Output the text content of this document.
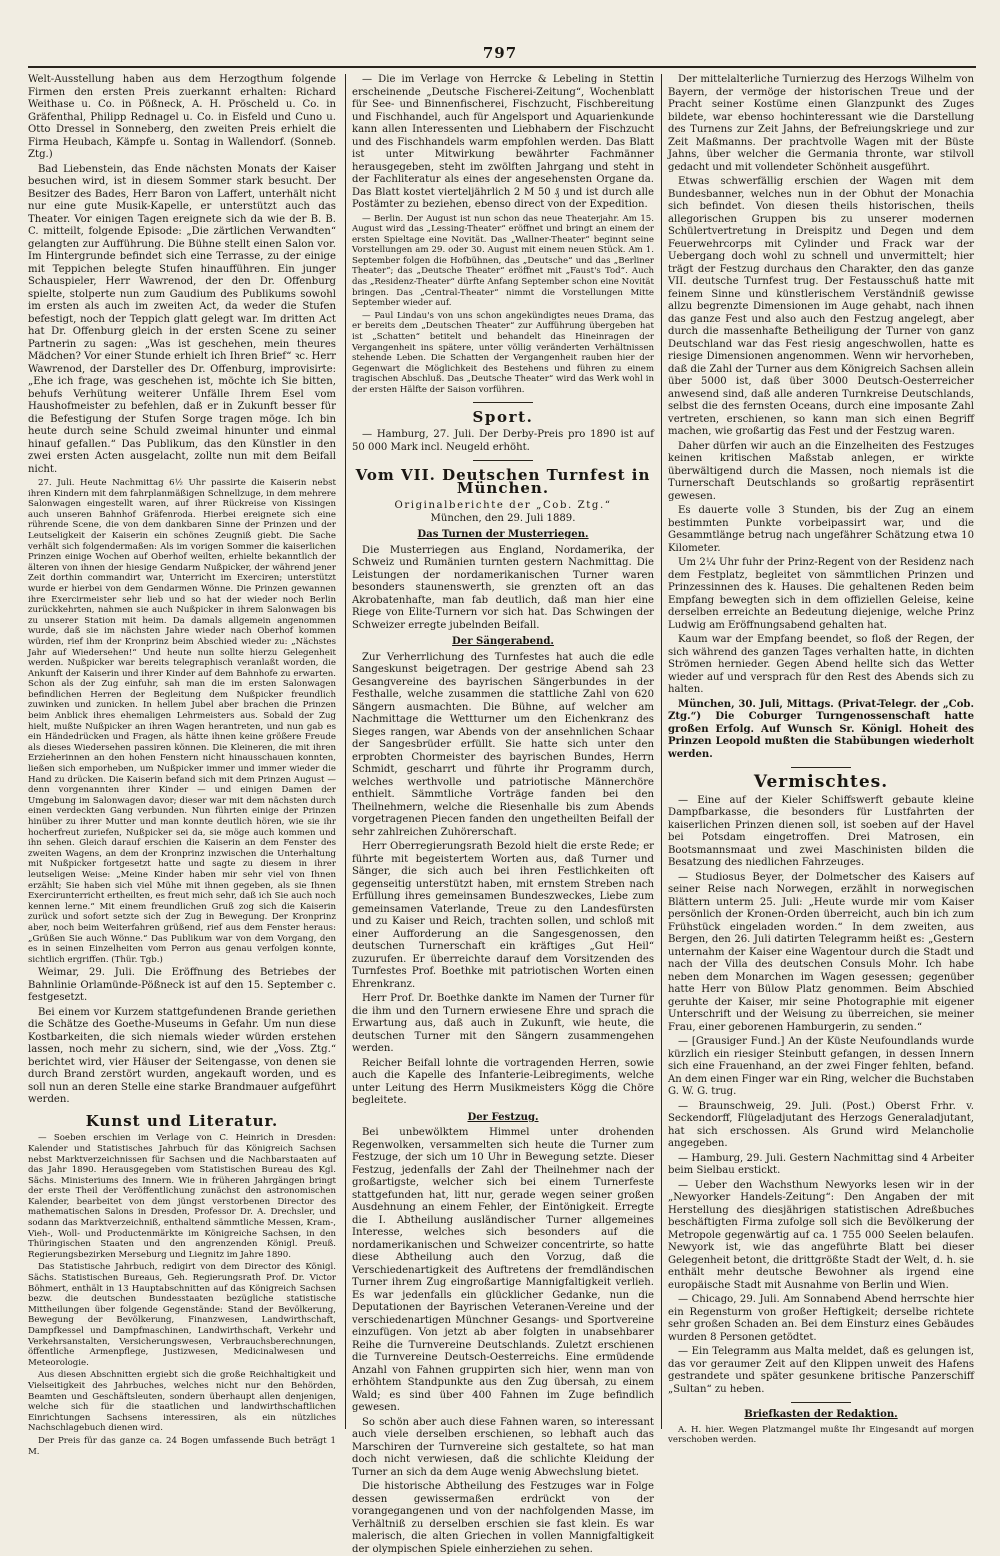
797

Welt-Ausstellung haben aus dem Herzogthum folgende Firmen den ersten Preis zuerkannt erhalten: Richard Weithase u. Co. in Pößneck, A. H. Pröscheld u. Co. in Gräfenthal, Philipp Rednagel u. Co. in Eisfeld und Cuno u. Otto Dressel in Sonneberg, den zweiten Preis erhielt die Firma Heubach, Kämpfe u. Sontag in Wallendorf. (Sonneb. Ztg.)

Bad Liebenstein, das Ende nächsten Monats der Kaiser besuchen wird, ist in diesem Sommer stark besucht. Der Besitzer des Bades, Herr Baron von Laffert, unterhält nicht nur eine gute Musik-Kapelle, er unterstützt auch das Theater. Vor einigen Tagen ereignete sich da wie der B. B. C. mitteilt, folgende Episode: „Die zärtlichen Verwandten“ gelangten zur Aufführung. Die Bühne stellt einen Salon vor. Im Hintergrunde befindet sich eine Terrasse, zu der einige mit Teppichen belegte Stufen hinaufführen. Ein junger Schauspieler, Herr Wawrenod, der den Dr. Offenburg spielte, stolperte nun zum Gaudium des Publikums sowohl im ersten als auch im zweiten Act, da weder die Stufen befestigt, noch der Teppich glatt gelegt war. Im dritten Act hat Dr. Offenburg gleich in der ersten Scene zu seiner Partnerin zu sagen: „Was ist geschehen, mein theures Mädchen? Vor einer Stunde erhielt ich Ihren Brief“ ꝛc. Herr Wawrenod, der Darsteller des Dr. Offenburg, improvisirte: „Ehe ich frage, was geschehen ist, möchte ich Sie bitten, behufs Verhütung weiterer Unfälle Ihrem Esel vom Haushofmeister zu befehlen, daß er in Zukunft besser für die Befestigung der Stufen Sorge tragen möge. Ich bin heute durch seine Schuld zweimal hinunter und einmal hinauf gefallen.“ Das Publikum, das den Künstler in den zwei ersten Acten ausgelacht, zollte nun mit dem Beifall nicht.

27. Juli. Heute Nachmittag 6½ Uhr passirte die Kaiserin nebst ihren Kindern mit dem fahrplanmäßigen Schnellzuge, in dem mehrere Salonwagen eingestellt waren, auf ihrer Rückreise von Kissingen auch unseren Bahnhof Gräfenroda. Hierbei ereignete sich eine rührende Scene, die von dem dankbaren Sinne der Prinzen und der Leutseligkeit der Kaiserin ein schönes Zeugniß giebt. Die Sache verhält sich folgendermaßen: Als im vorigen Sommer die kaiserlichen Prinzen einige Wochen auf Oberhof weilten, erhielte bekanntlich der älteren von ihnen der hiesige Gendarm Nußpicker, der während jener Zeit dorthin commandirt war, Unterricht im Exerciren; unterstützt wurde er hierbei von dem Gendarmen Wönne. Die Prinzen gewannen ihre Exercirmeister sehr lieb und so hat der wieder noch Berlin zurückkehrten, nahmen sie auch Nußpicker in ihrem Salonwagen bis zu unserer Station mit heim. Da damals allgemein angenommen wurde, daß sie im nächsten Jahre wieder nach Oberhof kommen würden, rief ihm der Kronprinz beim Abschied wieder zu: „Nächstes Jahr auf Wiedersehen!“ Und heute nun sollte hierzu Gelegenheit werden. Nußpicker war bereits telegraphisch veranlaßt worden, die Ankunft der Kaiserin und ihrer Kinder auf dem Bahnhofe zu erwarten. Schon als der Zug einfuhr, sah man die im ersten Salonwagen befindlichen Herren der Begleitung dem Nußpicker freundlich zuwinken und zunicken. In hellem Jubel aber brachen die Prinzen beim Anblick ihres ehemaligen Lehrmeisters aus. Sobald der Zug hielt, mußte Nußpicker an ihren Wagen herantreten, und nun gab es ein Händedrücken und Fragen, als hätte ihnen keine größere Freude als dieses Wiedersehen passiren können. Die Kleineren, die mit ihren Erzieherinnen an den hohen Fenstern nicht hinausschauen konnten, ließen sich emporheben, um Nußpicker immer und immer wieder die Hand zu drücken. Die Kaiserin befand sich mit dem Prinzen August — denn vorgenannten ihrer Kinder — und einigen Damen der Umgebung im Salonwagen davor; dieser war mit dem nächsten durch einen verdeckten Gang verbunden. Nun führten einige der Prinzen hinüber zu ihrer Mutter und man konnte deutlich hören, wie sie ihr hocherfreut zuriefen, Nußpicker sei da, sie möge auch kommen und ihn sehen. Gleich darauf erschien die Kaiserin an dem Fenster des zweiten Wagens, an dem der Kronprinz inzwischen die Unterhaltung mit Nußpicker fortgesetzt hatte und sagte zu diesem in ihrer leutseligen Weise: „Meine Kinder haben mir sehr viel von Ihnen erzählt; Sie haben sich viel Mühe mit ihnen gegeben, als sie Ihnen Exercirunterricht ertheilten, es freut mich sehr, daß ich Sie auch noch kennen lerne.“ Mit einem freundlichen Gruß zog sich die Kaiserin zurück und sofort setzte sich der Zug in Bewegung. Der Kronprinz aber, noch beim Weiterfahren grüßend, rief aus dem Fenster heraus: „Grüßen Sie auch Wönne.“ Das Publikum war von dem Vorgang, den es in seinen Einzelheiten vom Perron aus genau verfolgen konnte, sichtlich ergriffen. (Thür. Tgb.)

Weimar, 29. Juli. Die Eröffnung des Betriebes der Bahnlinie Orlamünde-Pößneck ist auf den 15. September c. festgesetzt.

Bei einem vor Kurzem stattgefundenen Brande geriethen die Schätze des Goethe-Museums in Gefahr. Um nun diese Kostbarkeiten, die sich niemals wieder würden erstehen lassen, noch mehr zu sichern, sind, wie der „Voss. Ztg.“ berichtet wird, vier Häuser der Seitengasse, von denen sie durch Brand zerstört wurden, angekauft worden, und es soll nun an deren Stelle eine starke Brandmauer aufgeführt werden.

Kunst und Literatur.

— Soeben erschien im Verlage von C. Heinrich in Dresden: Kalender und Statistisches Jahrbuch für das Königreich Sachsen nebst Marktverzeichnissen für Sachsen und die Nachbarstaaten auf das Jahr 1890. Herausgegeben vom Statistischen Bureau des Kgl. Sächs. Ministeriums des Innern. Wie in früheren Jahrgängen bringt der erste Theil der Veröffentlichung zunächst den astronomischen Kalender, bearbeitet von dem jüngst verstorbenen Director des mathematischen Salons in Dresden, Professor Dr. A. Drechsler, und sodann das Marktverzeichniß, enthaltend sämmtliche Messen, Kram-, Vieh-, Woll- und Productenmärkte im Königreiche Sachsen, in den Thüringischen Staaten und den angrenzenden Königl. Preuß. Regierungsbezirken Merseburg und Liegnitz im Jahre 1890.

Das Statistische Jahrbuch, redigirt von dem Director des Königl. Sächs. Statistischen Bureaus, Geh. Regierungsrath Prof. Dr. Victor Böhmert, enthält in 13 Hauptabschnitten auf das Königreich Sachsen bezw. die deutschen Bundesstaaten bezügliche statistische Mittheilungen über folgende Gegenstände: Stand der Bevölkerung, Bewegung der Bevölkerung, Finanzwesen, Landwirthschaft, Dampfkessel und Dampfmaschinen, Landwirthschaft, Verkehr und Verkehrsanstalten, Versicherungswesen, Verbrauchsberechnungen, öffentliche Armenpflege, Justizwesen, Medicinalwesen und Meteorologie.

Aus diesen Abschnitten ergiebt sich die große Reichhaltigkeit und Vielseitigkeit des Jahrbuches, welches nicht nur den Behörden, Beamten und Geschäftsleuten, sondern überhaupt allen denjenigen, welche sich für die staatlichen und landwirthschaftlichen Einrichtungen Sachsens interessiren, als ein nützliches Nachschlagebuch dienen wird.

Der Preis für das ganze ca. 24 Bogen umfassende Buch beträgt 1 M.

— Die im Verlage von Herrcke & Lebeling in Stettin erscheinende „Deutsche Fischerei-Zeitung“, Wochenblatt für See- und Binnenfischerei, Fischzucht, Fischbereitung und Fischhandel, auch für Angelsport und Aquarienkunde kann allen Interessenten und Liebhabern der Fischzucht und des Fischhandels warm empfohlen werden. Das Blatt ist unter Mitwirkung bewährter Fachmänner herausgegeben, steht im zwölften Jahrgang und steht in der Fachliteratur als eines der angesehensten Organe da. Das Blatt kostet vierteljährlich 2 M 50 ₰ und ist durch alle Postämter zu beziehen, ebenso direct von der Expedition.

— Berlin. Der August ist nun schon das neue Theaterjahr. Am 15. August wird das „Lessing-Theater“ eröffnet und bringt an einem der ersten Spieltage eine Novität. Das „Wallner-Theater“ beginnt seine Vorstellungen am 29. oder 30. August mit einem neuen Stück. Am 1. September folgen die Hofbühnen, das „Deutsche“ und das „Berliner Theater“; das „Deutsche Theater“ eröffnet mit „Faust's Tod“. Auch das „Residenz-Theater“ dürfte Anfang September schon eine Novität bringen. Das „Central-Theater“ nimmt die Vorstellungen Mitte September wieder auf.

— Paul Lindau's von uns schon angekündigtes neues Drama, das er bereits dem „Deutschen Theater“ zur Aufführung übergeben hat ist „Schatten“ betitelt und behandelt das Hineinragen der Vergangenheit ins spätere, unter völlig veränderten Verhältnissen stehende Leben. Die Schatten der Vergangenheit rauben hier der Gegenwart die Möglichkeit des Bestehens und führen zu einem tragischen Abschluß. Das „Deutsche Theater“ wird das Werk wohl in der ersten Hälfte der Saison vorführen.

Sport.

— Hamburg, 27. Juli. Der Derby-Preis pro 1890 ist auf 50 000 Mark incl. Neugeld erhöht.

Vom VII. Deutschen Turnfest in München.
Originalberichte der „Cob. Ztg.“
München, den 29. Juli 1889.
Das Turnen der Musterriegen.

Die Musterriegen aus England, Nordamerika, der Schweiz und Rumänien turnten gestern Nachmittag. Die Leistungen der nordamerikanischen Turner waren besonders staunenswerth, sie grenzten oft an das Akrobatenhafte, man fab deutlich, daß man hier eine Riege von Elite-Turnern vor sich hat. Das Schwingen der Schweizer erregte jubelnden Beifall.

Der Sängerabend.

Zur Verherrlichung des Turnfestes hat auch die edle Sangeskunst beigetragen. Der gestrige Abend sah 23 Gesangvereine des bayrischen Sängerbundes in der Festhalle, welche zusammen die stattliche Zahl von 620 Sängern ausmachten. Die Bühne, auf welcher am Nachmittage die Wettturner um den Eichenkranz des Sieges rangen, war Abends von der ansehnlichen Schaar der Sangesbrüder erfüllt. Sie hatte sich unter den erprobten Chormeister des bayrischen Bundes, Herrn Schmidt, gescharrt und führte ihr Programm durch, welches werthvolle und patriotische Männerchöre enthielt. Sämmtliche Vorträge fanden bei den Theilnehmern, welche die Riesenhalle bis zum Abends vorgetragenen Piecen fanden den ungetheilten Beifall der sehr zahlreichen Zuhörerschaft.

Herr Oberregierungsrath Bezold hielt die erste Rede; er führte mit begeistertem Worten aus, daß Turner und Sänger, die sich auch bei ihren Festlichkeiten oft gegenseitig unterstützt haben, mit ernstem Streben nach Erfüllung ihres gemeinsamen Bundeszweckes, Liebe zum gemeinsamen Vaterlande, Treue zu den Landesfürsten und zu Kaiser und Reich, trachten sollen, und schloß mit einer Aufforderung an die Sangesgenossen, den deutschen Turnerschaft ein kräftiges „Gut Heil“ zuzurufen. Er überreichte darauf dem Vorsitzenden des Turnfestes Prof. Boethke mit patriotischen Worten einen Ehrenkranz.

Herr Prof. Dr. Boethke dankte im Namen der Turner für die ihm und den Turnern erwiesene Ehre und sprach die Erwartung aus, daß auch in Zukunft, wie heute, die deutschen Turner mit den Sängern zusammengehen werden.

Reicher Beifall lohnte die vortragenden Herren, sowie auch die Kapelle des Infanterie-Leibregiments, welche unter Leitung des Herrn Musikmeisters Kögg die Chöre begleitete.

Der Festzug.

Bei unbewölktem Himmel unter drohenden Regenwolken, versammelten sich heute die Turner zum Festzuge, der sich um 10 Uhr in Bewegung setzte. Dieser Festzug, jedenfalls der Zahl der Theilnehmer nach der großartigste, welcher sich bei einem Turnerfeste stattgefunden hat, litt nur, gerade wegen seiner großen Ausdehnung an einem Fehler, der Eintönigkeit. Erregte die I. Abtheilung ausländischer Turner allgemeines Interesse, welches sich besonders auf die nordamerikanischen und Schweizer concentrirte, so hatte diese Abtheilung auch den Vorzug, daß die Verschiedenartigkeit des Auftretens der fremdländischen Turner ihrem Zug eingroßartige Mannigfaltigkeit verlieh. Es war jedenfalls ein glücklicher Gedanke, nun die Deputationen der Bayrischen Veteranen-Vereine und der verschiedenartigen Münchner Gesangs- und Sportvereine einzufügen. Von jetzt ab aber folgten in unabsehbarer Reihe die Turnvereine Deutschlands. Zuletzt erschienen die Turnvereine Deutsch-Oesterreichs. Eine ermüdende Anzahl von Fahnen gruppirten sich hier, wenn man von erhöhtem Standpunkte aus den Zug übersah, zu einem Wald; es sind über 400 Fahnen im Zuge befindlich gewesen.

So schön aber auch diese Fahnen waren, so interessant auch viele derselben erschienen, so lebhaft auch das Marschiren der Turnvereine sich gestaltete, so hat man doch nicht verwiesen, daß die schlichte Kleidung der Turner an sich da dem Auge wenig Abwechslung bietet.

Die historische Abtheilung des Festzuges war in Folge dessen gewissermaßen erdrückt von der vorangegangenen und von der nachfolgenden Masse, im Verhältniß zu derselben erschien sie fast klein. Es war malerisch, die alten Griechen in vollen Mannigfaltigkeit der olympischen Spiele einherziehen zu sehen.

Der mittelalterliche Turnierzug des Herzogs Wilhelm von Bayern, der vermöge der historischen Treue und der Pracht seiner Kostüme einen Glanzpunkt des Zuges bildete, war ebenso hochinteressant wie die Darstellung des Turnens zur Zeit Jahns, der Befreiungskriege und zur Zeit Maßmanns. Der prachtvolle Wagen mit der Büste Jahns, über welcher die Germania thronte, war stilvoll gedacht und mit vollendeter Schönheit ausgeführt.

Etwas schwerfällig erschien der Wagen mit dem Bundesbanner, welches nun in der Obhut der Monachia sich befindet. Von diesen theils historischen, theils allegorischen Gruppen bis zu unserer modernen Schülertvertretung in Dreispitz und Degen und dem Feuerwehrcorps mit Cylinder und Frack war der Uebergang doch wohl zu schnell und unvermittelt; hier trägt der Festzug durchaus den Charakter, den das ganze VII. deutsche Turnfest trug. Der Festausschuß hatte mit feinem Sinne und künstlerischem Verständniß gewisse allzu begrenzte Dimensionen im Auge gehabt, nach ihnen das ganze Fest und also auch den Festzug angelegt, aber durch die massenhafte Betheiligung der Turner von ganz Deutschland war das Fest riesig angeschwollen, hatte es riesige Dimensionen angenommen. Wenn wir hervorheben, daß die Zahl der Turner aus dem Königreich Sachsen allein über 5000 ist, daß über 3000 Deutsch-Oesterreicher anwesend sind, daß alle anderen Turnkreise Deutschlands, selbst die des fernsten Oceans, durch eine imposante Zahl vertreten, erschienen, so kann man sich einen Begriff machen, wie großartig das Fest und der Festzug waren.

Daher dürfen wir auch an die Einzelheiten des Festzuges keinen kritischen Maßstab anlegen, er wirkte überwältigend durch die Massen, noch niemals ist die Turnerschaft Deutschlands so großartig repräsentirt gewesen.

Es dauerte volle 3 Stunden, bis der Zug an einem bestimmten Punkte vorbeipassirt war, und die Gesammtlänge betrug nach ungefährer Schätzung etwa 10 Kilometer.

Um 2¼ Uhr fuhr der Prinz-Regent von der Residenz nach dem Festplatz, begleitet von sämmtlichen Prinzen und Prinzessinnen des k. Hauses. Die gehaltenen Reden beim Empfang bewegten sich in dem offiziellen Geleise, keine derselben erreichte an Bedeutung diejenige, welche Prinz Ludwig am Eröffnungsabend gehalten hat.

Kaum war der Empfang beendet, so floß der Regen, der sich während des ganzen Tages verhalten hatte, in dichten Strömen hernieder. Gegen Abend hellte sich das Wetter wieder auf und versprach für den Rest des Abends sich zu halten.

München, 30. Juli, Mittags. (Privat-Telegr. der „Cob. Ztg.“) Die Coburger Turngenossenschaft hatte großen Erfolg. Auf Wunsch Sr. Königl. Hoheit des Prinzen Leopold mußten die Stabübungen wiederholt werden.

Vermischtes.

— Eine auf der Kieler Schiffswerft gebaute kleine Dampfbarkasse, die besonders für Lustfahrten der kaiserlichen Prinzen dienen soll, ist soeben auf der Havel bei Potsdam eingetroffen. Drei Matrosen, ein Bootsmannsmaat und zwei Maschinisten bilden die Besatzung des niedlichen Fahrzeuges.

— Studiosus Beyer, der Dolmetscher des Kaisers auf seiner Reise nach Norwegen, erzählt in norwegischen Blättern unterm 25. Juli: „Heute wurde mir vom Kaiser persönlich der Kronen-Orden überreicht, auch bin ich zum Frühstück eingeladen worden.“ In dem zweiten, aus Bergen, den 26. Juli datirten Telegramm heißt es: „Gestern unternahm der Kaiser eine Wagentour durch die Stadt und nach der Villa des deutschen Consuls Mohr. Ich habe neben dem Monarchen im Wagen gesessen; gegenüber hatte Herr von Bülow Platz genommen. Beim Abschied geruhte der Kaiser, mir seine Photographie mit eigener Unterschrift und der Weisung zu überreichen, sie meiner Frau, einer geborenen Hamburgerin, zu senden.“

— [Grausiger Fund.] An der Küste Neufoundlands wurde kürzlich ein riesiger Steinbutt gefangen, in dessen Innern sich eine Frauenhand, an der zwei Finger fehlten, befand. An dem einen Finger war ein Ring, welcher die Buchstaben G. W. G. trug.

— Braunschweig, 29. Juli. (Post.) Oberst Frhr. v. Seckendorff, Flügeladjutant des Herzogs Generaladjutant, hat sich erschossen. Als Grund wird Melancholie angegeben.

— Hamburg, 29. Juli. Gestern Nachmittag sind 4 Arbeiter beim Sielbau erstickt.

— Ueber den Wachsthum Newyorks lesen wir in der „Newyorker Handels-Zeitung“: Den Angaben der mit Herstellung des diesjährigen statistischen Adreßbuches beschäftigten Firma zufolge soll sich die Bevölkerung der Metropole gegenwärtig auf ca. 1 755 000 Seelen belaufen. Newyork ist, wie das angeführte Blatt bei dieser Gelegenheit betont, die drittgrößte Stadt der Welt, d. h. sie enthält mehr deutsche Bewohner als irgend eine europäische Stadt mit Ausnahme von Berlin und Wien.

— Chicago, 29. Juli. Am Sonnabend Abend herrschte hier ein Regensturm von großer Heftigkeit; derselbe richtete sehr großen Schaden an. Bei dem Einsturz eines Gebäudes wurden 8 Personen getödtet.

— Ein Telegramm aus Malta meldet, daß es gelungen ist, das vor geraumer Zeit auf den Klippen unweit des Hafens gestrandete und später gesunkene britische Panzerschiff „Sultan“ zu heben.

Briefkasten der Redaktion.

A. H. hier. Wegen Platzmangel mußte Ihr Eingesandt auf morgen verschoben werden.
